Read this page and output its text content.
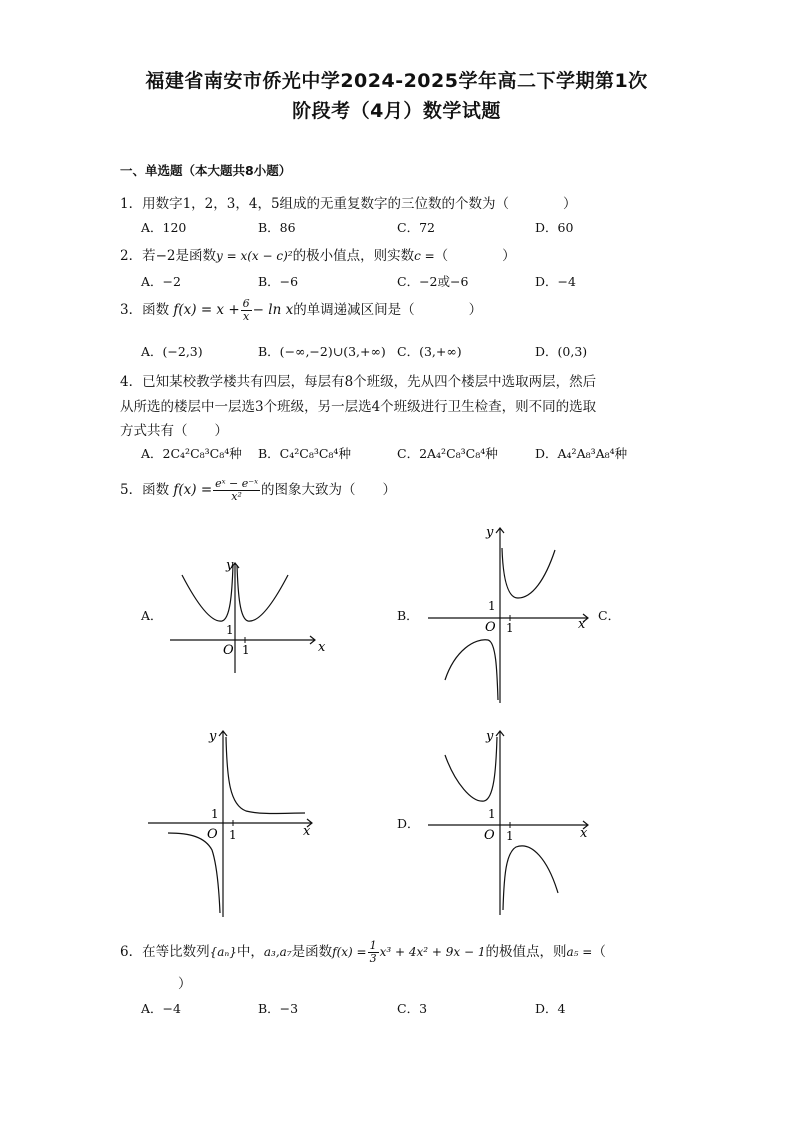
福建省南安市侨光中学2024-2025学年高二下学期第1次
阶段考（4月）数学试题
一、单选题（本大题共8小题）
1．用数字1，2，3，4，5组成的无重复数字的三位数的个数为（　　　　）
A．120	B．86	C．72	D．60
2．若−2是函数y = x(x − c)²的极小值点，则实数c =（　　　　）
A．−2	B．−6	C．−2或−6	D．−4
3．函数 $f(x) = x + \frac{6}{x} - \ln x$的单调递减区间是（　　　　）
A．(−2,3)	B．(−∞,−2)∪(3,+∞) C．(3,+∞)	D．(0,3)
4．已知某校教学楼共有四层，每层有8个班级，先从四个楼层中选取两层，然后
从所选的楼层中一层选3个班级，另一层选4个班级进行卫生检查，则不同的选取
方式共有（　　）
A．2C₄²C₈³C₈⁴种 B．C₄²C₈³C₈⁴种	C．2A₄²C₈³C₈⁴种	D．A₄²A₈³A₈⁴种
5．函数 $f(x) = \frac{\text{eˣ − e⁻ˣ}}{\text{x²}}$ 的图象大致为（　　）
A．	B．	C．
D．
x
y
O
1
1
x
y
O
1
1
x
y
O
1
1	x
y
O
1
1
6．在等比数列{aₙ}中，a₃,a₇是函数$f(x) = \frac{1}{3} x^3 + 4x^2 + 9x - 1$的极值点，则a₅ =（
）
A．−4	B．−3	C．3	D．4
